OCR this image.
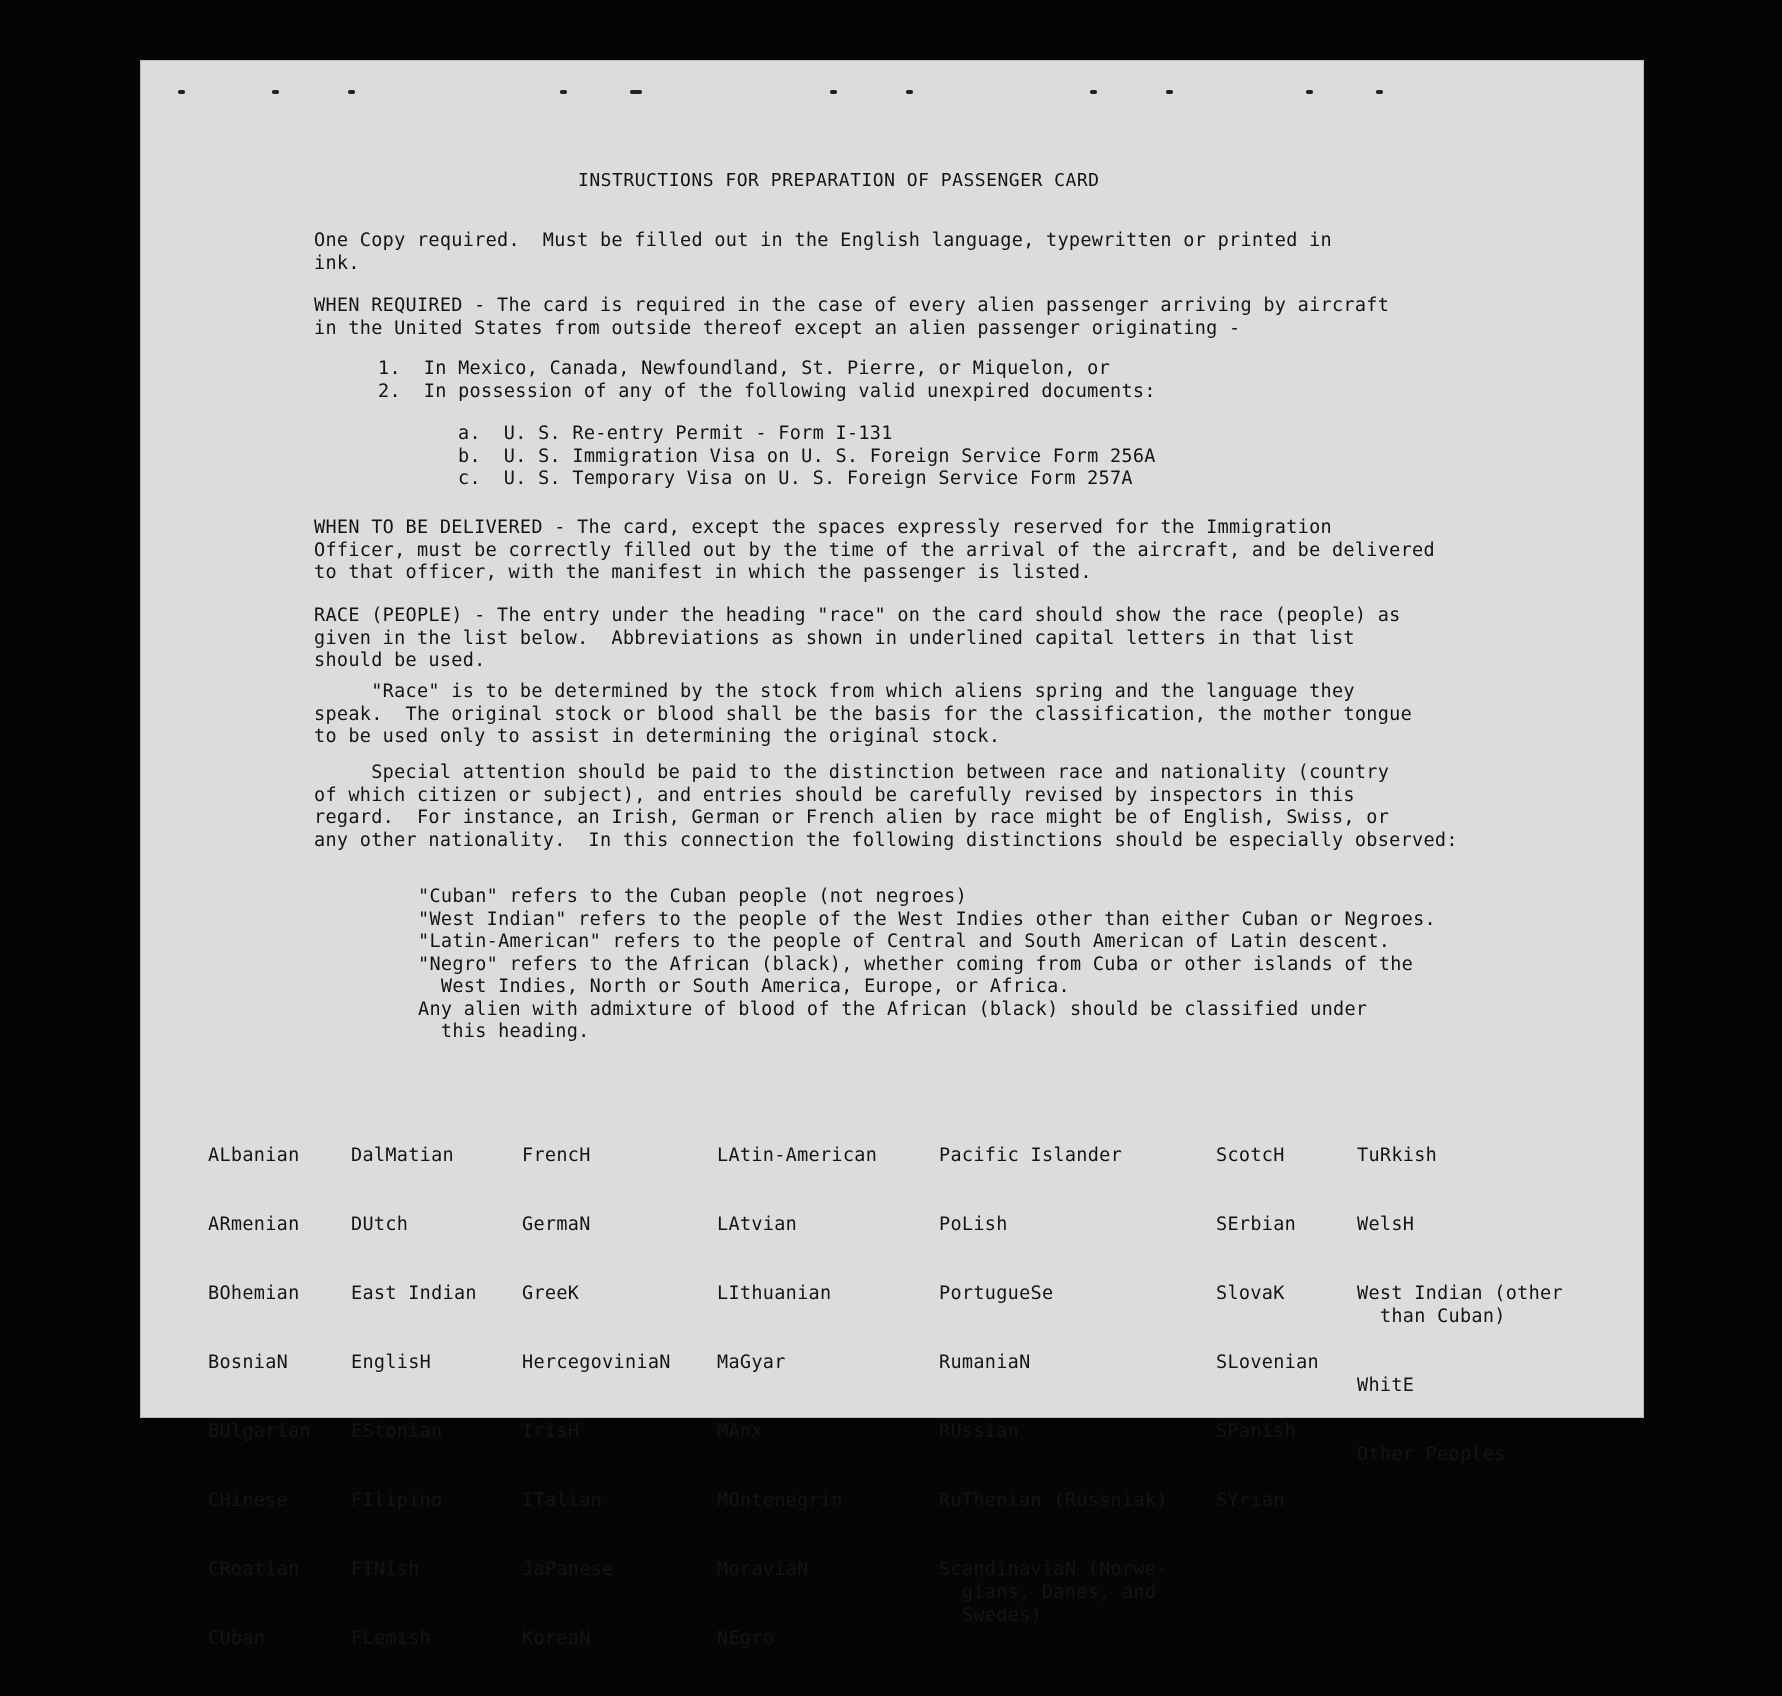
INSTRUCTIONS FOR PREPARATION OF PASSENGER CARD
One Copy required.  Must be filled out in the English language, typewritten or printed in
ink.
WHEN REQUIRED - The card is required in the case of every alien passenger arriving by aircraft
in the United States from outside thereof except an alien passenger originating -
1.  In Mexico, Canada, Newfoundland, St. Pierre, or Miquelon, or
2.  In possession of any of the following valid unexpired documents:
a.  U. S. Re-entry Permit - Form I-131
b.  U. S. Immigration Visa on U. S. Foreign Service Form 256A
c.  U. S. Temporary Visa on U. S. Foreign Service Form 257A
WHEN TO BE DELIVERED - The card, except the spaces expressly reserved for the Immigration
Officer, must be correctly filled out by the time of the arrival of the aircraft, and be delivered
to that officer, with the manifest in which the passenger is listed.
RACE (PEOPLE) - The entry under the heading "race" on the card should show the race (people) as
given in the list below.  Abbreviations as shown in underlined capital letters in that list
should be used.
"Race" is to be determined by the stock from which aliens spring and the language they
speak.  The original stock or blood shall be the basis for the classification, the mother tongue
to be used only to assist in determining the original stock.
Special attention should be paid to the distinction between race and nationality (country
of which citizen or subject), and entries should be carefully revised by inspectors in this
regard.  For instance, an Irish, German or French alien by race might be of English, Swiss, or
any other nationality.  In this connection the following distinctions should be especially observed:
"Cuban" refers to the Cuban people (not negroes)
"West Indian" refers to the people of the West Indies other than either Cuban or Negroes.
"Latin-American" refers to the people of Central and South American of Latin descent.
"Negro" refers to the African (black), whether coming from Cuba or other islands of the
West Indies, North or South America, Europe, or Africa.
Any alien with admixture of blood of the African (black) should be classified under
this heading.

ALbanian

ARmenian

BOhemian

BosniaN

BUlgarian

CHinese

CRoatian

CUban

DalMatian

DUtch

East Indian

EnglisH

EStonian

FIlipino

FINish

FLemish

FrencH

GermaN

GreeK

HercegoviniaN

IrisH

ITalian

JaPanese

KoreaN

LAtin-American

LAtvian

LIthuanian

MaGyar

MAnx

MOntenegrin

MoraviaN

NEgro

Pacific Islander

PoLish

PortugueSe

RumaniaN

RUssian

RuThenian (Russniak)

ScandinaviaN (Norwe-
gians, Danes, and
Swedes)

ScotcH

SErbian

SlovaK

SLovenian

SPanish

SYrian

TuRkish

WelsH

West Indian (other
than Cuban)

WhitE

Other Peoples
